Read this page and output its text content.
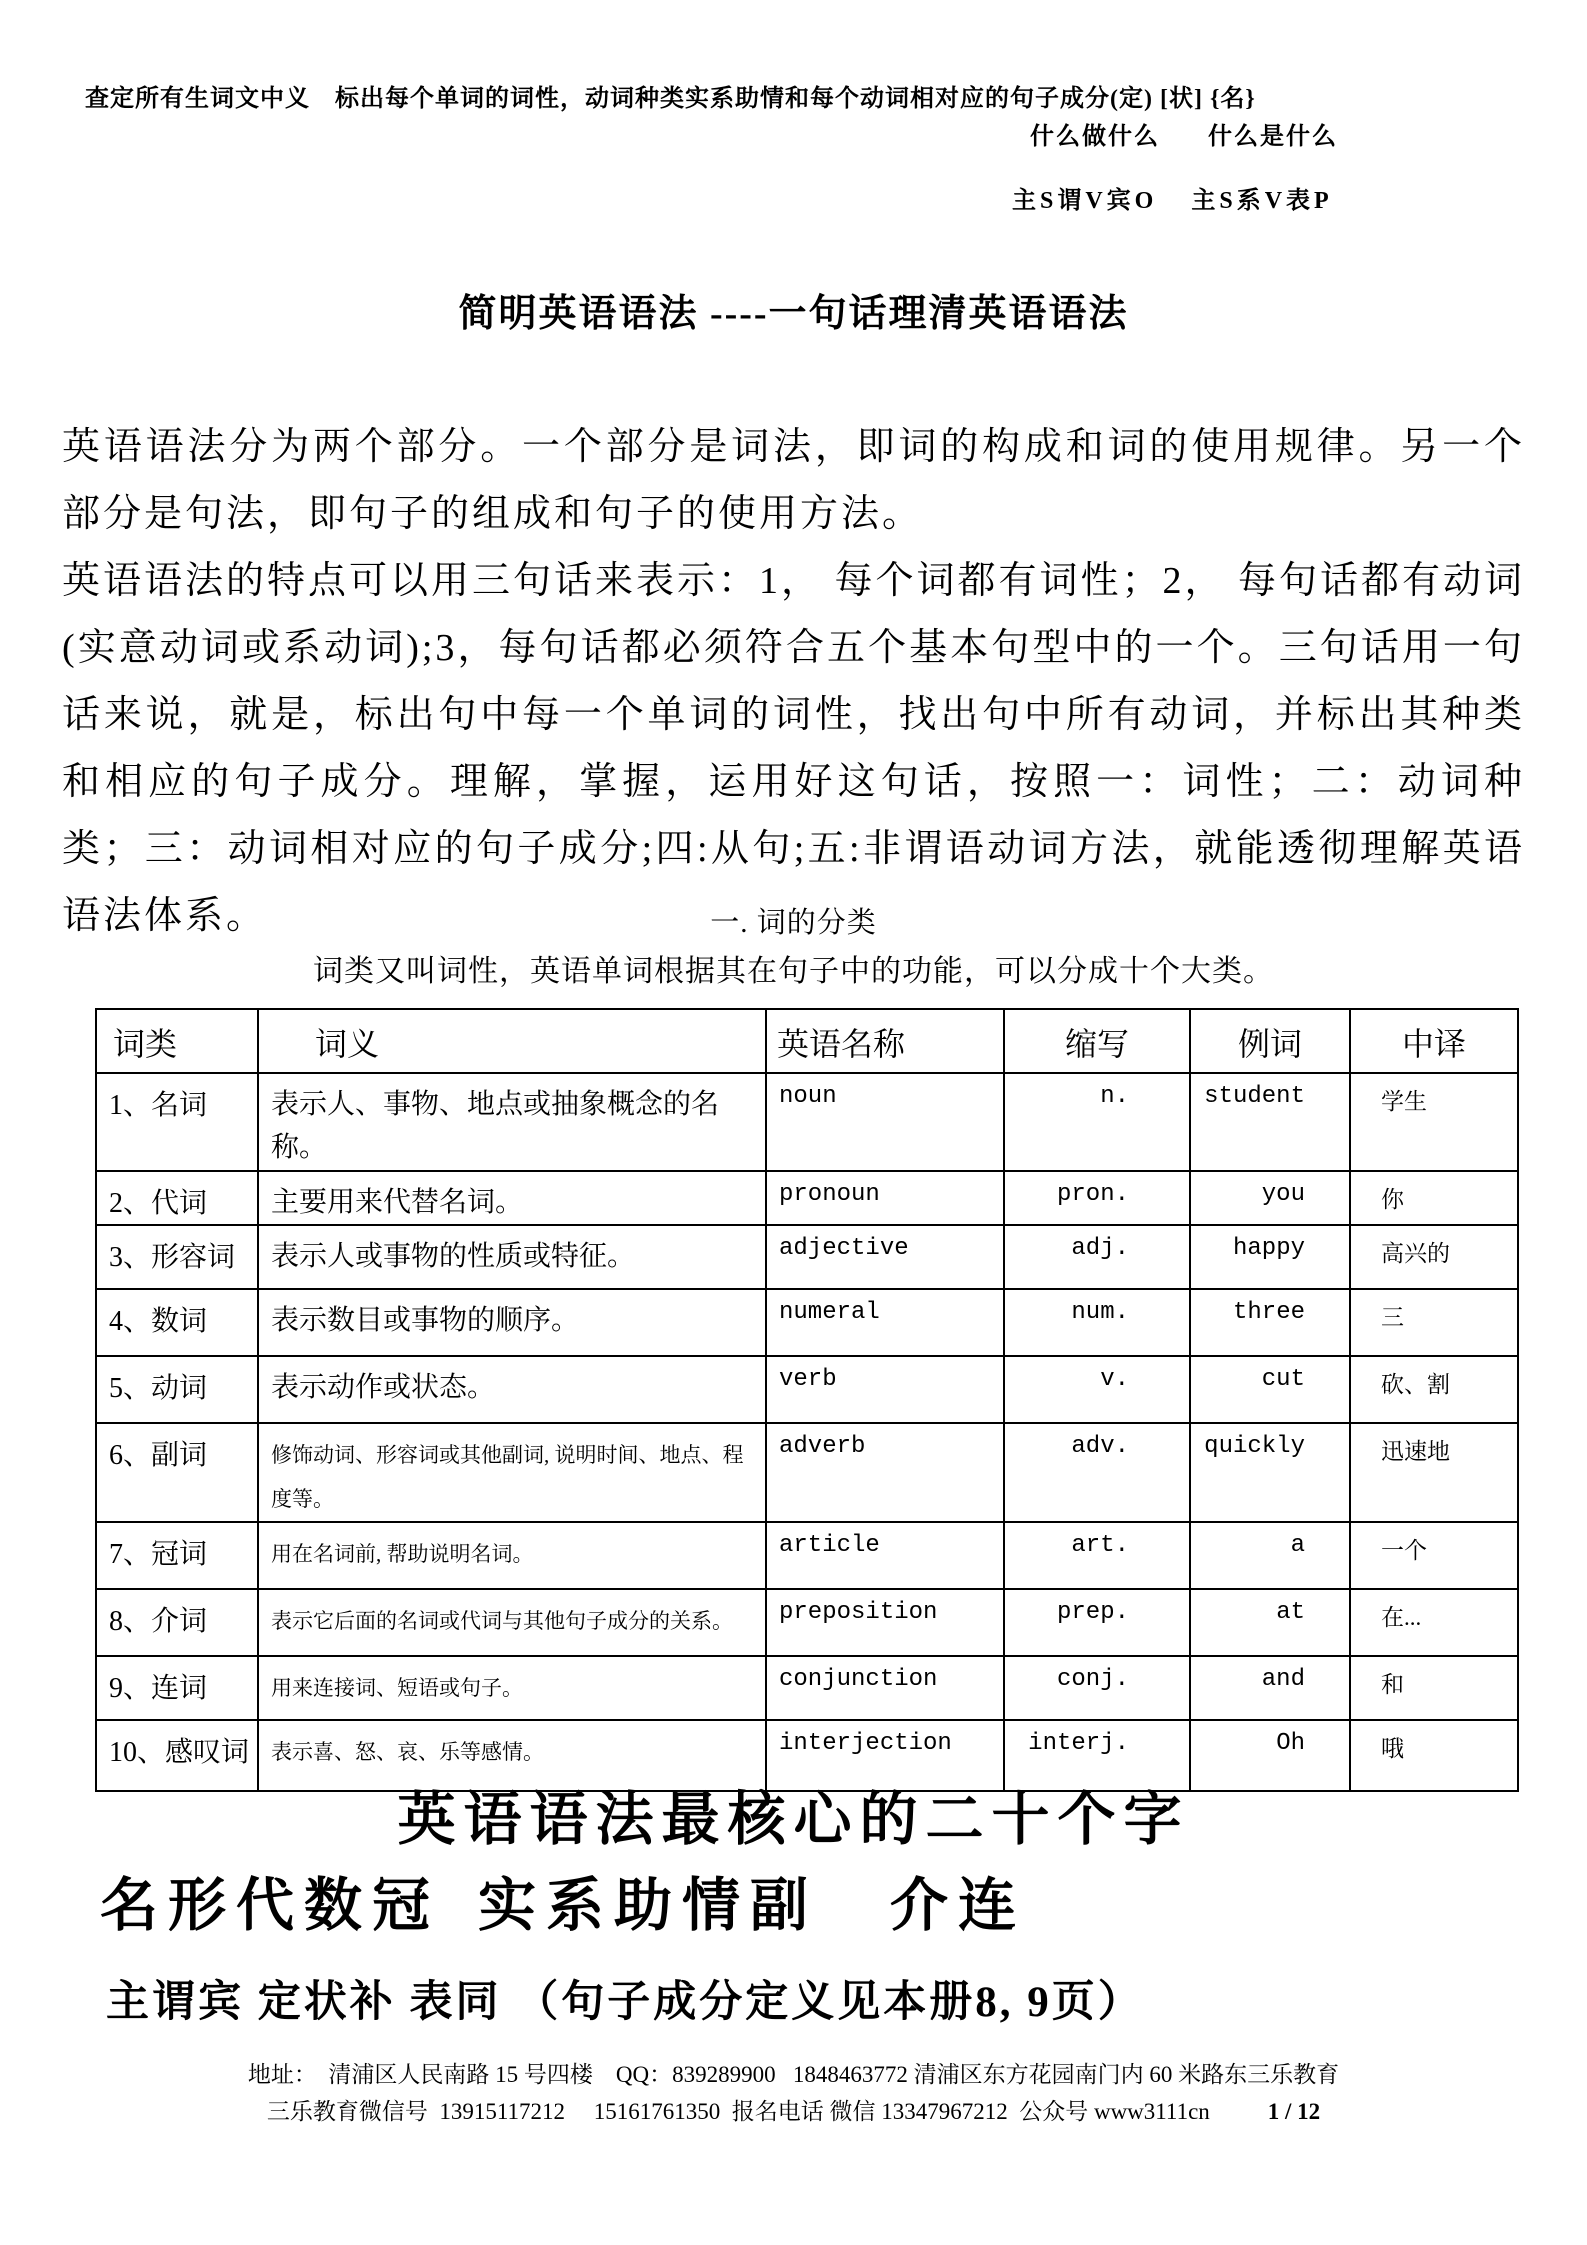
查定所有生词文中义　标出每个单词的词性，动词种类实系助情和每个动词相对应的句子成分(定) [状] {名}
什么做什么 什么是什么
主S谓V宾O 主S系V表P
简明英语语法 ----一句话理清英语语法

英语语法分为两个部分。一个部分是词法，即词的构成和词的使用规律。另一个部分是句法，即句子的组成和句子的使用方法。

英语语法的特点可以用三句话来表示：1， 每个词都有词性；2， 每句话都有动词(实意动词或系动词);3，每句话都必须符合五个基本句型中的一个。三句话用一句话来说，就是，标出句中每一个单词的词性，找出句中所有动词，并标出其种类和相应的句子成分。理解，掌握，运用好这句话，按照一：词性；二：动词种类；三：动词相对应的句子成分;四:从句;五:非谓语动词方法，就能透彻理解英语语法体系。	一. 词的分类
词类又叫词性，英语单词根据其在句子中的功能，可以分成十个大类。
词类	词义	英语名称	缩写	例词	中译
1、名词	表示人、事物、地点或抽象概念的名称。	noun	n.	student	学生
2、代词	主要用来代替名词。	pronoun	pron.	you	你
3、形容词	表示人或事物的性质或特征。	adjective	adj.	happy	高兴的
4、数词	表示数目或事物的顺序。	numeral	num.	three	三
5、动词	表示动作或状态。	verb	v.	cut	砍、割
6、副词	修饰动词、形容词或其他副词, 说明时间、地点、程度等。	adverb	adv.	quickly	迅速地
7、冠词	用在名词前, 帮助说明名词。	article	art.	a	一个
8、介词	表示它后面的名词或代词与其他句子成分的关系。	preposition	prep.	at	在...
9、连词	用来连接词、短语或句子。	conjunction	conj.	and	和
10、感叹词	表示喜、怒、哀、乐等感情。	interjection	interj.	Oh	哦
英语语法最核心的二十个字
名形代数冠 实系助情副 介连
主谓宾 定状补 表同 （句子成分定义见本册8, 9页）
地址：  清浦区人民南路 15 号四楼    QQ：839289900   1848463772 清浦区东方花园南门内 60 米路东三乐教育
三乐教育微信号  13915117212     15161761350  报名电话 微信 13347967212  公众号 www3111cn	1 / 12
